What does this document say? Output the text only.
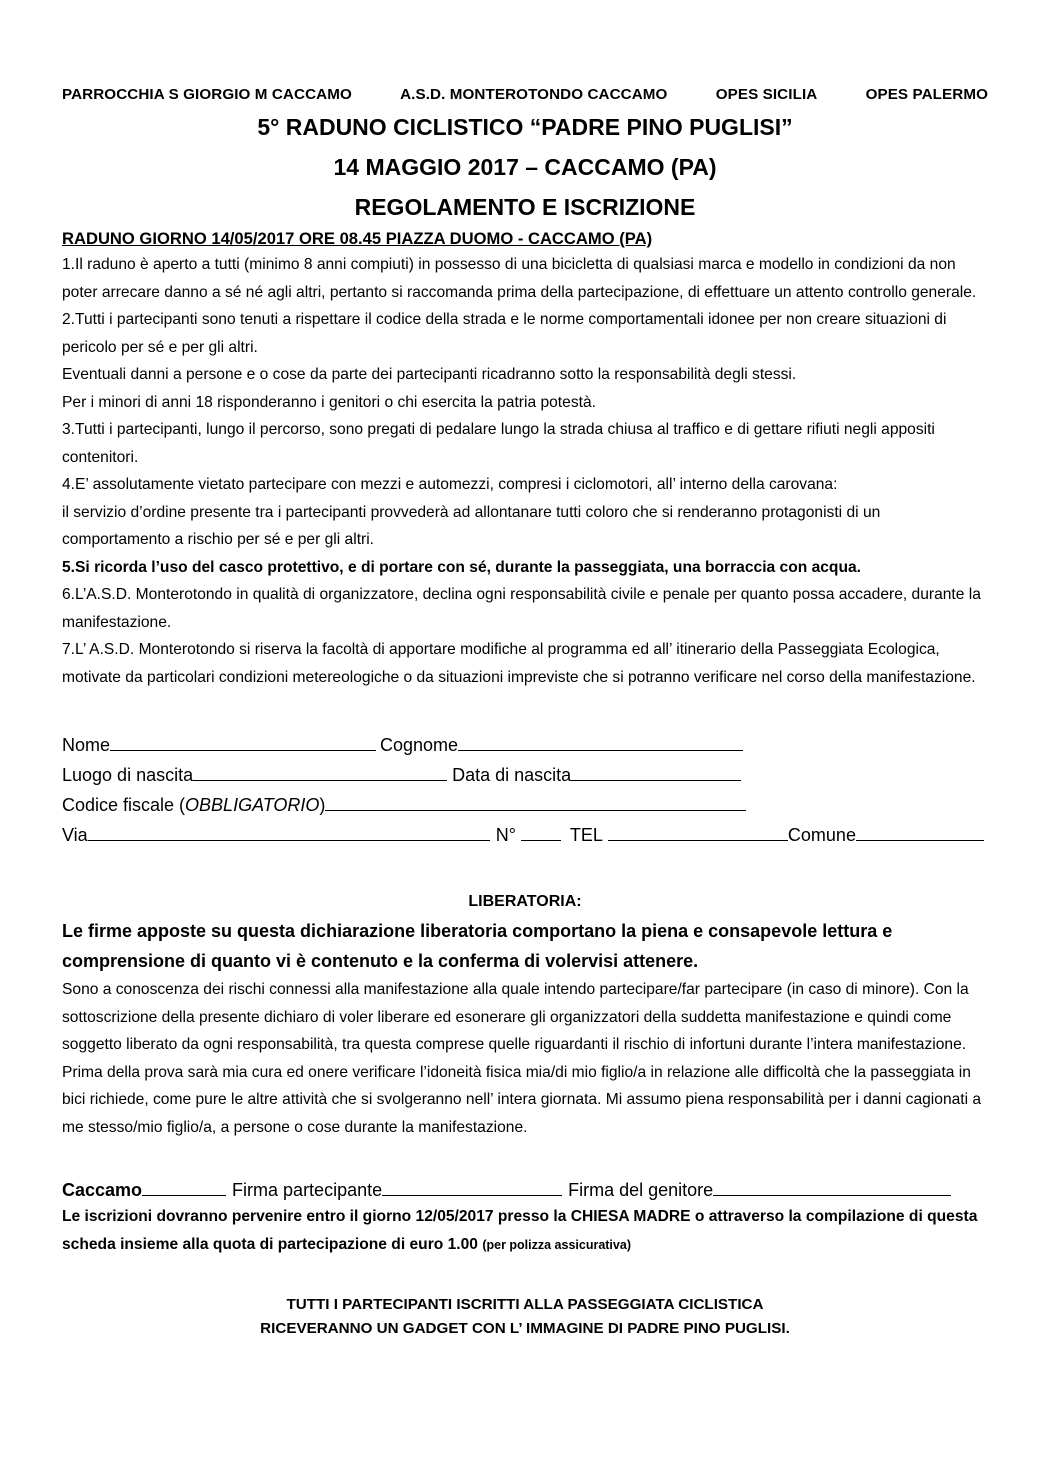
PARROCCHIA S GIORGIO M CACCAMO	A.S.D. MONTEROTONDO CACCAMO	OPES SICILIA	OPES PALERMO
5° RADUNO CICLISTICO “PADRE PINO PUGLISI”
14 MAGGIO 2017 – CACCAMO (PA)
REGOLAMENTO E ISCRIZIONE
RADUNO GIORNO 14/05/2017 ORE 08.45 PIAZZA DUOMO - CACCAMO (PA)

1.Il raduno è aperto a tutti (minimo 8 anni compiuti) in possesso di una bicicletta di qualsiasi marca e modello in condizioni da non poter arrecare danno a sé né agli altri, pertanto si raccomanda prima della partecipazione, di effettuare un attento controllo generale.

2.Tutti i partecipanti sono tenuti a rispettare il codice della strada e le norme comportamentali idonee per non creare situazioni di pericolo per sé e per gli altri.

Eventuali danni a persone e o cose da parte dei partecipanti ricadranno sotto la responsabilità degli stessi.

Per i minori di anni 18 risponderanno i genitori o chi esercita la patria potestà.

3.Tutti i partecipanti, lungo il percorso, sono pregati di pedalare lungo la strada chiusa al traffico e di gettare rifiuti negli appositi contenitori.

4.E’ assolutamente vietato partecipare con mezzi e automezzi, compresi i ciclomotori, all’ interno della carovana:

il servizio d’ordine presente tra i partecipanti provvederà ad allontanare tutti coloro che si renderanno protagonisti di un comportamento a rischio per sé e per gli altri.

5.Si ricorda l’uso del casco protettivo, e di portare con sé, durante la passeggiata, una borraccia con acqua.

6.L’A.S.D. Monterotondo in qualità di organizzatore, declina ogni responsabilità civile e penale per quanto possa accadere, durante la manifestazione.

7.L’ A.S.D. Monterotondo si riserva la facoltà di apportare modifiche al programma ed all’ itinerario della Passeggiata Ecologica, motivate da particolari condizioni metereologiche o da situazioni impreviste che si potranno verificare nel corso della manifestazione.

Nome	Cognome
Luogo di nascita	Data di nascita
Codice fiscale (OBBLIGATORIO)
Via	N°	TEL	Comune
LIBERATORIA:
Le firme apposte su questa dichiarazione liberatoria comportano la piena e consapevole lettura e comprensione di quanto vi è contenuto e la conferma di volervisi attenere.
Sono a conoscenza dei rischi connessi alla manifestazione alla quale intendo partecipare/far partecipare (in caso di minore). Con la sottoscrizione della presente dichiaro di voler liberare ed esonerare gli organizzatori della suddetta manifestazione e quindi come soggetto liberato da ogni responsabilità, tra questa comprese quelle riguardanti il rischio di infortuni durante l’intera manifestazione. Prima della prova sarà mia cura ed onere verificare l’idoneità fisica mia/di mio figlio/a in relazione alle difficoltà che la passeggiata in bici richiede, come pure le altre attività che si svolgeranno nell’ intera giornata. Mi assumo piena responsabilità per i danni cagionati a me stesso/mio figlio/a, a persone o cose durante la manifestazione.
Caccamo	Firma partecipante	Firma del genitore
Le iscrizioni dovranno pervenire entro il giorno 12/05/2017 presso la CHIESA MADRE o attraverso la compilazione di questa scheda insieme alla quota di partecipazione di euro 1.00 (per polizza assicurativa)
TUTTI I PARTECIPANTI ISCRITTI ALLA PASSEGGIATA CICLISTICA
RICEVERANNO UN GADGET CON L’ IMMAGINE DI PADRE PINO PUGLISI.
